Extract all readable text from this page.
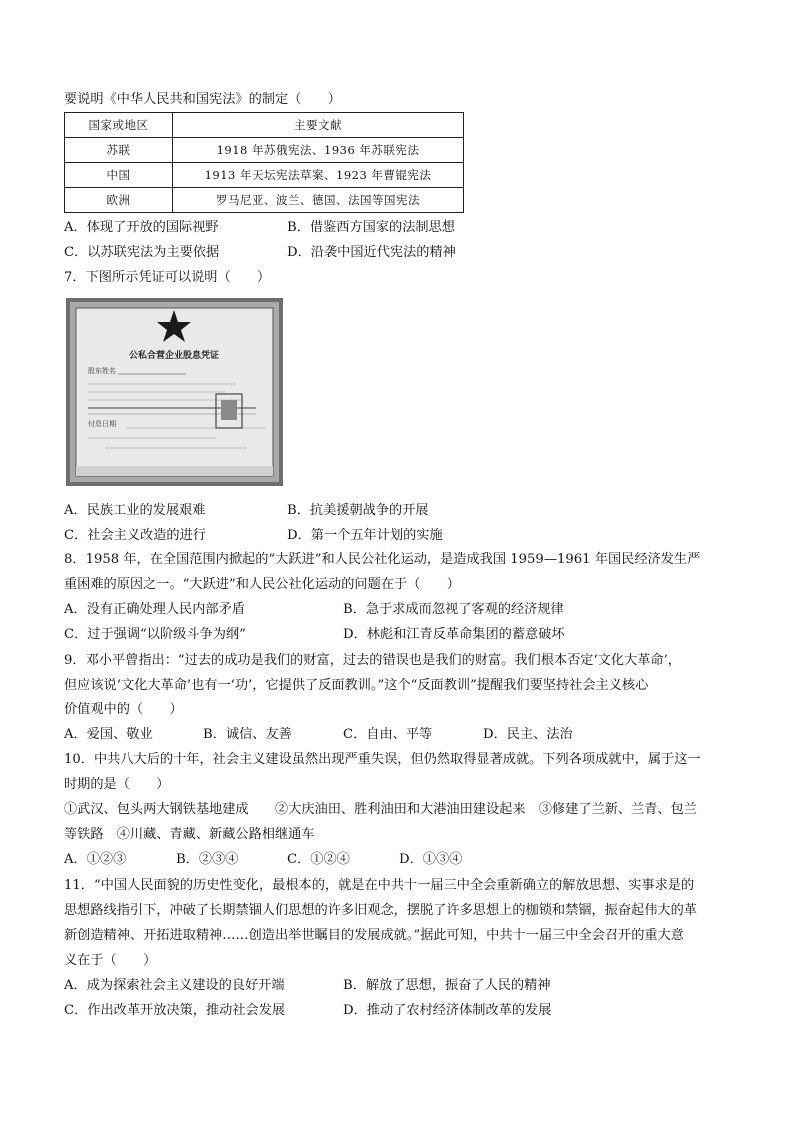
要说明《中华人民共和国宪法》的制定（　　）
国家或地区	主要文献
苏联	1918 年苏俄宪法、1936 年苏联宪法
中国	1913 年天坛宪法草案、1923 年曹锟宪法
欧洲	罗马尼亚、波兰、德国、法国等国宪法
A．体现了开放的国际视野	B．借鉴西方国家的法制思想
C．以苏联宪法为主要依据	D．沿袭中国近代宪法的精神
7．下图所示凭证可以说明（　　）
公私合营企业股息凭证
股东姓名
付息日期
A．民族工业的发展艰难	B．抗美援朝战争的开展
C．社会主义改造的进行	D．第一个五年计划的实施
8．1958 年，在全国范围内掀起的“大跃进”和人民公社化运动，是造成我国 1959—1961 年国民经济发生严
重困难的原因之一。“大跃进”和人民公社化运动的问题在于（　　）
A．没有正确处理人民内部矛盾	B．急于求成而忽视了客观的经济规律
C．过于强调“以阶级斗争为纲”	D．林彪和江青反革命集团的蓄意破坏
9．邓小平曾指出：“过去的成功是我们的财富，过去的错误也是我们的财富。我们根本否定‘文化大革命’，
但应该说‘文化大革命’也有一‘功’，它提供了反面教训。”这个“反面教训”提醒我们要坚持社会主义核心
价值观中的（　　）
A．爱国、敬业	B．诚信、友善	C．自由、平等	D．民主、法治
10．中共八大后的十年，社会主义建设虽然出现严重失误，但仍然取得显著成就。下列各项成就中，属于这一
时期的是（　　）
①武汉、包头两大钢铁基地建成　　②大庆油田、胜利油田和大港油田建设起来　③修建了兰新、兰青、包兰
等铁路　④川藏、青藏、新藏公路相继通车
A．①②③	B．②③④	C．①②④	D．①③④
11．“中国人民面貌的历史性变化，最根本的，就是在中共十一届三中全会重新确立的解放思想、实事求是的
思想路线指引下，冲破了长期禁锢人们思想的许多旧观念，摆脱了许多思想上的枷锁和禁锢，振奋起伟大的革
新创造精神、开拓进取精神……创造出举世瞩目的发展成就。”据此可知，中共十一届三中全会召开的重大意
义在于（　　）
A．成为探索社会主义建设的良好开端	B．解放了思想，振奋了人民的精神
C．作出改革开放决策，推动社会发展	D．推动了农村经济体制改革的发展
